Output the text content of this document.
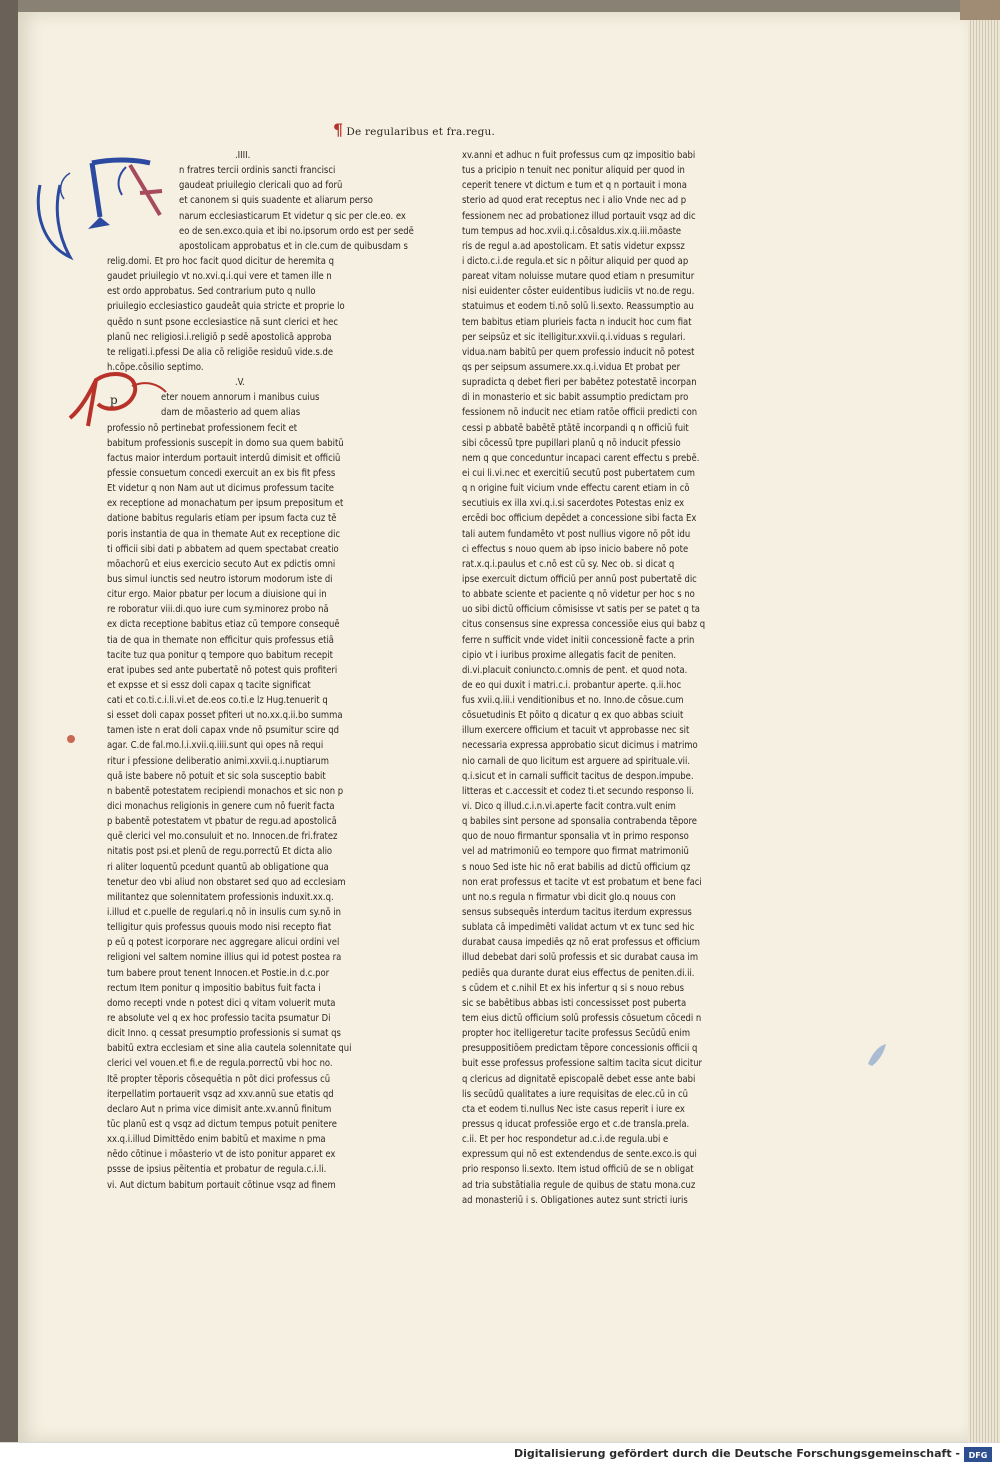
¶ De regularibus et fra.regu.
p
.IIII.
n fratres tercii ordinis sancti francisci
gaudeat priuilegio clericali quo ad forū
et canonem si quis suadente et aliarum perso
narum ecclesiasticarum Et videtur q sic per cle.eo. ex
eo de sen.exco.quia et ibi no.ipsorum ordo est per sedē
apostolicam approbatus et in cle.cum de quibusdam s
relig.domi. Et pro hoc facit quod dicitur de heremita q
gaudet priuilegio vt no.xvi.q.i.qui vere et tamen ille n
est ordo approbatus. Sed contrarium puto q nullo
priuilegio ecclesiastico gaudeāt quia stricte et proprie lo
quēdo n sunt psone ecclesiastice nā sunt clerici et hec
planū nec religiosi.i.religiō p sedē apostolicā approba
te religati.i.pfessi De alia cō religiōe residuū vide.s.de
h.cōpe.cōsilio septimo.
.V.
eter nouem annorum i manibus cuius
dam de mōasterio ad quem alias
professio nō pertinebat professionem fecit et
babitum professionis suscepit in domo sua quem babitū
factus maior interdum portauit interdū dimisit et officiū
pfessie consuetum concedi exercuit an ex bis fit pfess
Et videtur q non Nam aut ut dicimus professum tacite
ex receptione ad monachatum per ipsum prepositum et
datione babitus regularis etiam per ipsum facta cuz tē
poris instantia de qua in themate Aut ex receptione dic
ti officii sibi dati p abbatem ad quem spectabat creatio
mōachorū et eius exercicio secuto Aut ex pdictis omni
bus simul iunctis sed neutro istorum modorum iste di
citur ergo. Maior pbatur per locum a diuisione qui in
re roboratur viii.di.quo iure cum sy.minorez probo nā
ex dicta receptione babitus etiaz cū tempore consequē
tia de qua in themate non efficitur quis professus etiā
tacite tuz qua ponitur q tempore quo babitum recepit
erat ipubes sed ante pubertatē nō potest quis profiteri
et expsse et si essz doli capax q tacite significat
cati et co.ti.c.i.li.vi.et de.eos co.ti.e lz Hug.tenuerit q
si esset doli capax posset pfiteri ut no.xx.q.ii.bo summa
tamen iste n erat doli capax vnde nō psumitur scire qd
agar. C.de fal.mo.l.i.xvii.q.iiii.sunt qui opes nā requi
ritur i pfessione deliberatio animi.xxvii.q.i.nuptiarum
quā iste babere nō potuit et sic sola susceptio babit
n babentē potestatem recipiendi monachos et sic non p
dici monachus religionis in genere cum nō fuerit facta
p babentē potestatem vt pbatur de regu.ad apostolicā
quē clerici vel mo.consuluit et no. Innocen.de fri.fratez
nitatis post psi.et plenū de regu.porrectū Et dicta alio
ri aliter loquentū pcedunt quantū ab obligatione qua
tenetur deo vbi aliud non obstaret sed quo ad ecclesiam
militantez que solennitatem professionis induxit.xx.q.
i.illud et c.puelle de regulari.q nō in insulis cum sy.nō in
telligitur quis professus quouis modo nisi recepto fiat
p eū q potest icorporare nec aggregare alicui ordini vel
religioni vel saltem nomine illius qui id potest postea ra
tum babere prout tenent Innocen.et Postie.in d.c.por
rectum Item ponitur q impositio babitus fuit facta i
domo recepti vnde n potest dici q vitam voluerit muta
re absolute vel q ex hoc professio tacita psumatur Di
dicit Inno. q cessat presumptio professionis si sumat qs
babitū extra ecclesiam et sine alia cautela solennitate qui
clerici vel vouen.et fi.e de regula.porrectū vbi hoc no.
Itē propter tēporis cōsequētia n pōt dici professus cū
iterpellatim portauerit vsqz ad xxv.annū sue etatis qd
declaro Aut n prima vice dimisit ante.xv.annū finitum
tūc planū est q vsqz ad dictum tempus potuit penitere
xx.q.i.illud Dimittēdo enim babitū et maxime n pma
nēdo cōtinue i mōasterio vt de isto ponitur apparet ex
pssse de ipsius pēitentia et probatur de regula.c.i.li.
vi. Aut dictum babitum portauit cōtinue vsqz ad finem
xv.anni et adhuc n fuit professus cum qz impositio babi
tus a pricipio n tenuit nec ponitur aliquid per quod in
ceperit tenere vt dictum e tum et q n portauit i mona
sterio ad quod erat receptus nec i alio Vnde nec ad p
fessionem nec ad probationez illud portauit vsqz ad dic
tum tempus ad hoc.xvii.q.i.cōsaldus.xix.q.iii.mōaste
ris de regul a.ad apostolicam. Et satis videtur expssz
i dicto.c.i.de regula.et sic n pōitur aliquid per quod ap
pareat vitam noluisse mutare quod etiam n presumitur
nisi euidenter cōster euidentibus iudiciis vt no.de regu.
statuimus et eodem ti.nō solū li.sexto. Reassumptio au
tem babitus etiam plurieis facta n inducit hoc cum fiat
per seipsūz et sic itelligitur.xxvii.q.i.viduas s regulari.
vidua.nam babitū per quem professio inducit nō potest
qs per seipsum assumere.xx.q.i.vidua Et probat per
supradicta q debet fieri per babētez potestatē incorpan
di in monasterio et sic babit assumptio predictam pro
fessionem nō inducit nec etiam ratōe officii predicti con
cessi p abbatē babētē ptātē incorpandi q n officiū fuit
sibi cōcessū tpre pupillari planū q nō inducit pfessio
nem q que conceduntur incapaci carent effectu s prebē.
ei cui li.vi.nec et exercitiū secutū post pubertatem cum
q n origine fuit vicium vnde effectu carent etiam in cō
secutiuis ex illa xvi.q.i.si sacerdotes Potestas eniz ex
ercēdi boc officium depēdet a concessione sibi facta Ex
tali autem fundamēto vt post nullius vigore nō pōt idu
ci effectus s nouo quem ab ipso inicio babere nō pote
rat.x.q.i.paulus et c.nō est cū sy. Nec ob. si dicat q
ipse exercuit dictum officiū per annū post pubertatē dic
to abbate sciente et paciente q nō videtur per hoc s no
uo sibi dictū officium cōmisisse vt satis per se patet q ta
citus consensus sine expressa concessiōe eius qui babz q
ferre n sufficit vnde videt initii concessionē facte a prin
cipio vt i iuribus proxime allegatis facit de peniten.
di.vi.placuit coniuncto.c.omnis de pent. et quod nota.
de eo qui duxit i matri.c.i. probantur aperte. q.ii.hoc
fus xvii.q.iii.i venditionibus et no. Inno.de cōsue.cum
cōsuetudinis Et pōito q dicatur q ex quo abbas sciuit
illum exercere officium et tacuit vt approbasse nec sit
necessaria expressa approbatio sicut dicimus i matrimo
nio carnali de quo licitum est arguere ad spirituale.vii.
q.i.sicut et in carnali sufficit tacitus de despon.impube.
litteras et c.accessit et codez ti.et secundo responso li.
vi. Dico q illud.c.i.n.vi.aperte facit contra.vult enim
q babiles sint persone ad sponsalia contrabenda tēpore
quo de nouo firmantur sponsalia vt in primo responso
vel ad matrimoniū eo tempore quo firmat matrimoniū
s nouo Sed iste hic nō erat babilis ad dictū officium qz
non erat professus et tacite vt est probatum et bene faci
unt no.s regula n firmatur vbi dicit glo.q nouus con
sensus subsequēs interdum tacitus iterdum expressus
sublata cā impedimēti validat actum vt ex tunc sed hic
durabat causa impediēs qz nō erat professus et officium
illud debebat dari solū professis et sic durabat causa im
pediēs qua durante durat eius effectus de peniten.di.ii.
s cūdem et c.nihil Et ex his infertur q si s nouo rebus
sic se babētibus abbas isti concessisset post puberta
tem eius dictū officium solū professis cōsuetum cōcedi n
propter hoc itelligeretur tacite professus Secūdū enim
presuppositiōem predictam tēpore concessionis officii q
buit esse professus professione saltim tacita sicut dicitur
q clericus ad dignitatē episcopalē debet esse ante babi
lis secūdū qualitates a iure requisitas de elec.cū in cū
cta et eodem ti.nullus Nec iste casus reperit i iure ex
pressus q iducat professiōe ergo et c.de transla.prela.
c.ii. Et per hoc respondetur ad.c.i.de regula.ubi e
expressum qui nō est extendendus de sente.exco.is qui
prio responso li.sexto. Item istud officiū de se n obligat
ad tria substātialia regule de quibus de statu mona.cuz
ad monasteriū i s. Obligationes autez sunt stricti iuris
Digitalisierung gefördert durch die Deutsche Forschungsgemeinschaft - DFG
